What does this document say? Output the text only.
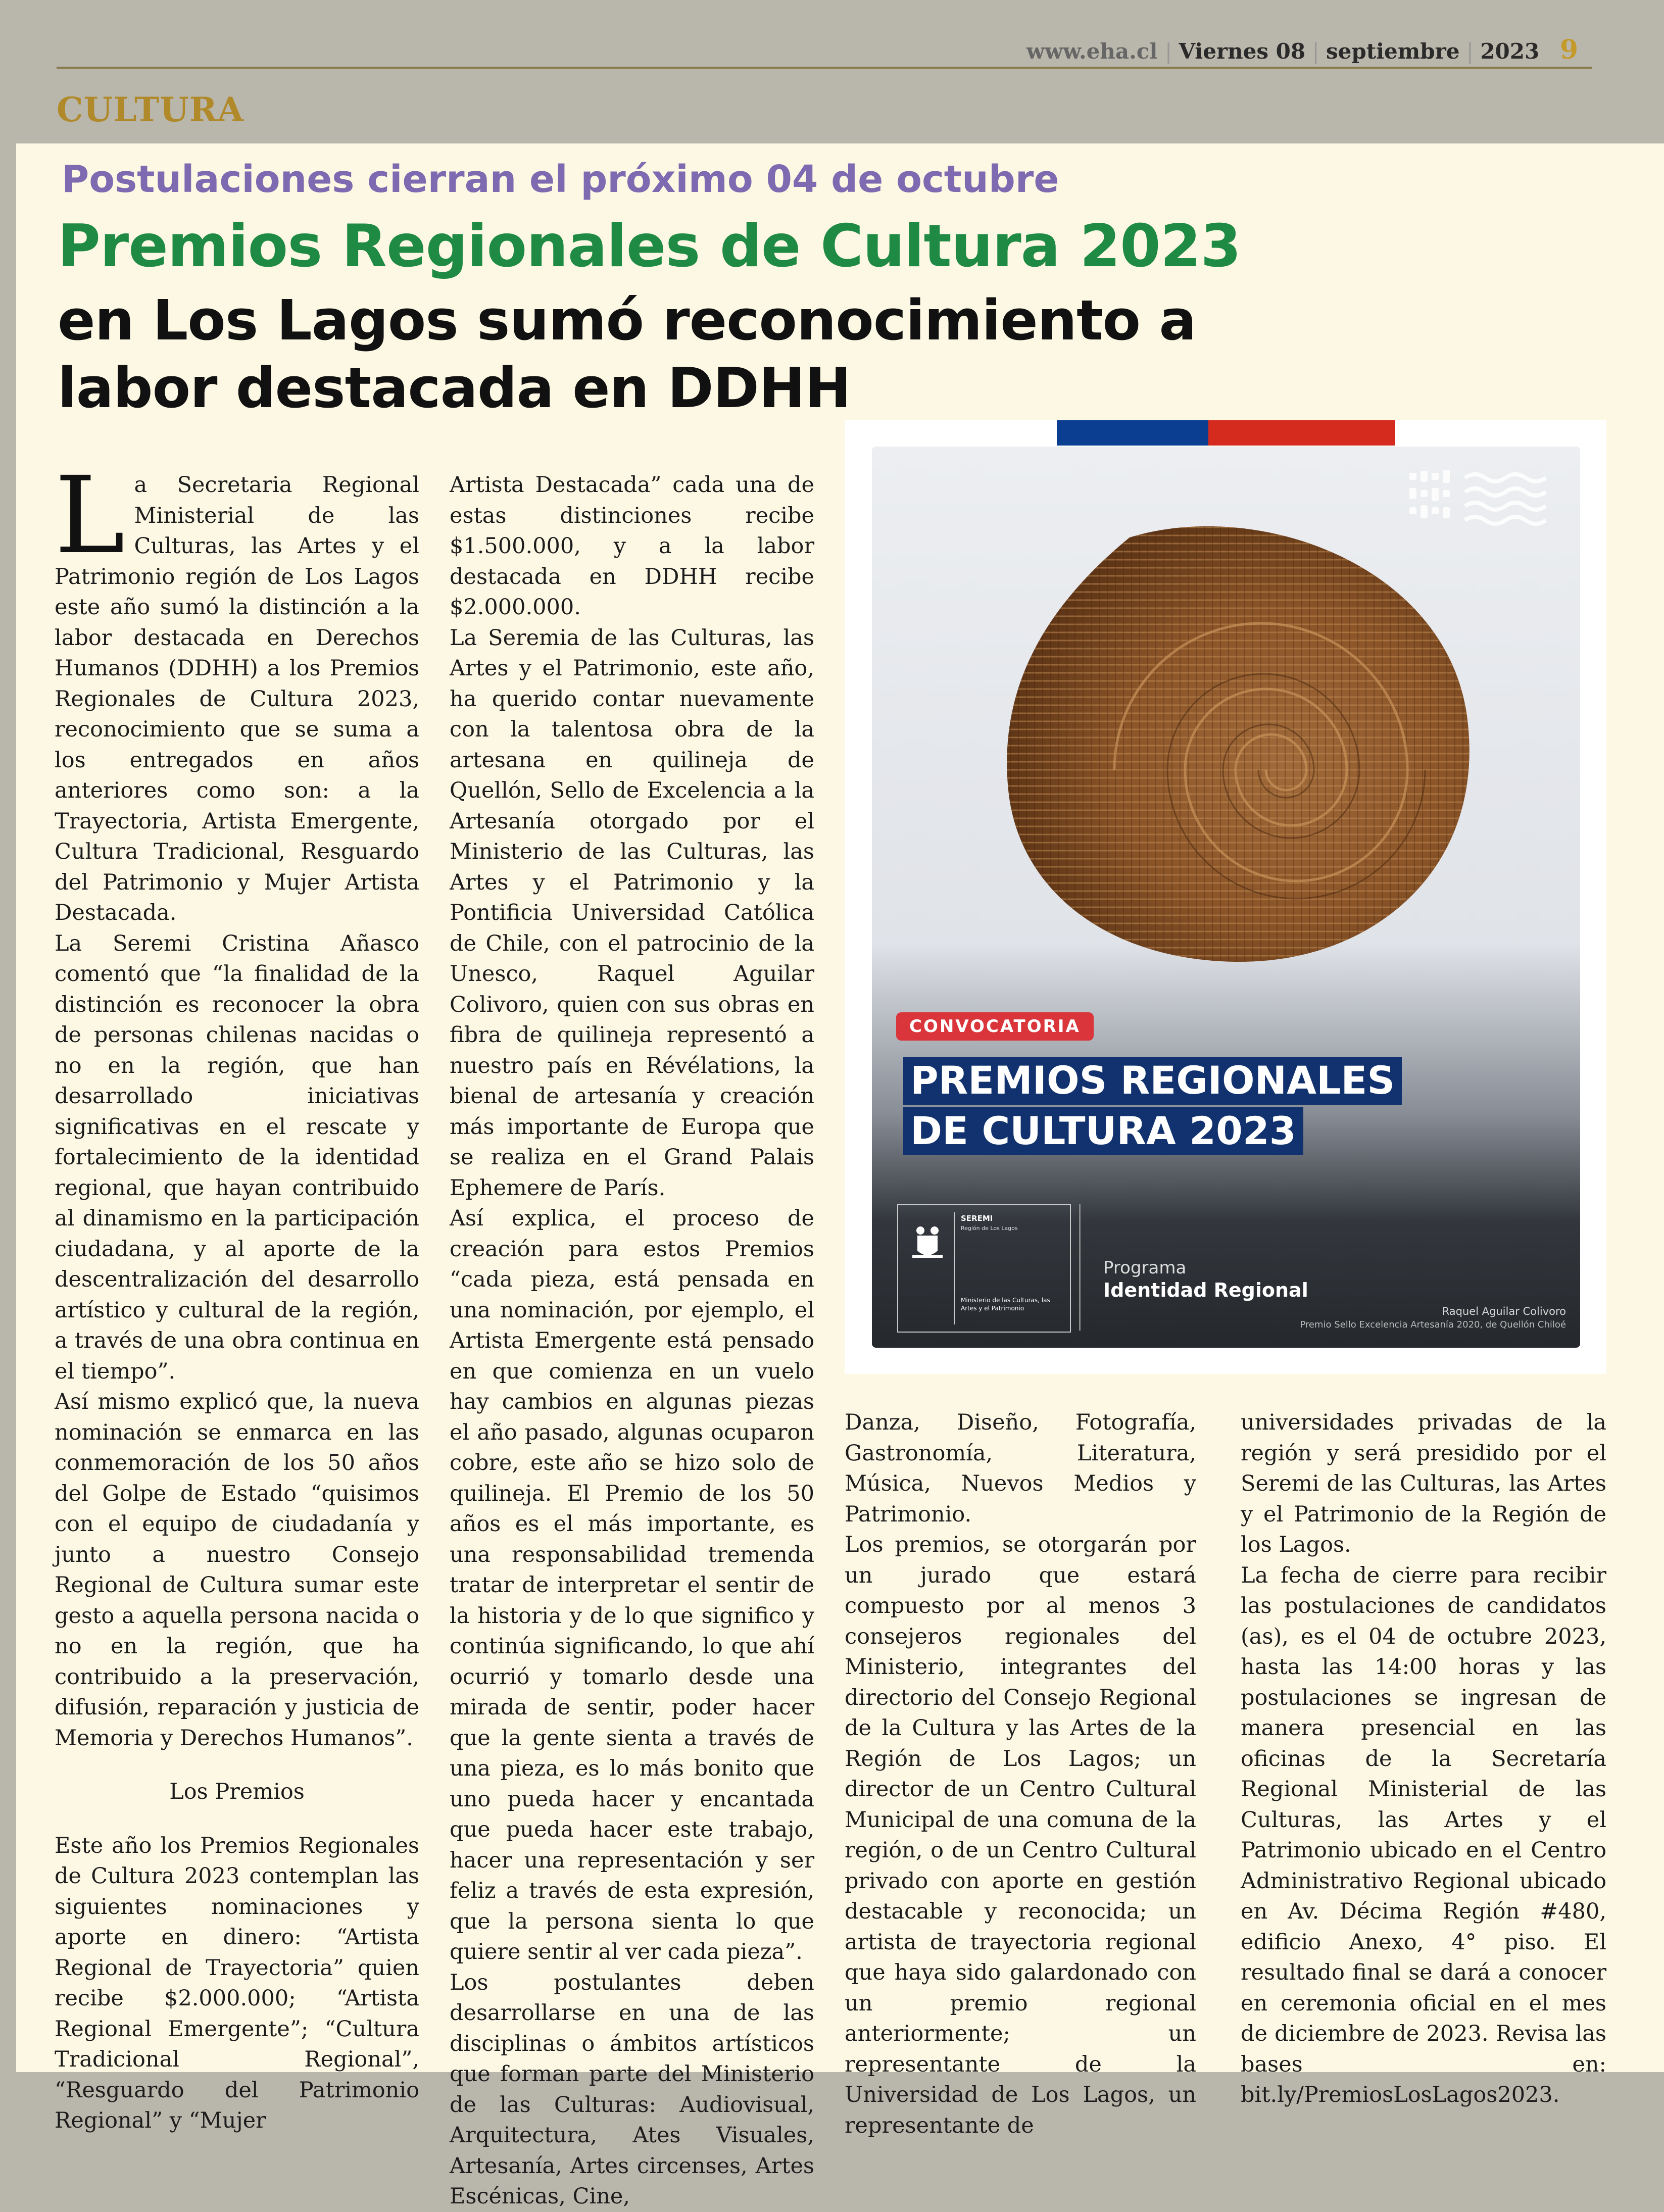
www.eha.cl | Viernes 08 | septiembre | 2023 9
CULTURA
Postulaciones cierran el próximo 04 de octubre
Premios Regionales de Cultura 2023
en Los Lagos sumó reconocimiento a
labor destacada en DDHH

La Secretaria Regional Ministerial de las Culturas, las Artes y el Patrimonio región de Los Lagos este año sumó la distinción a la labor destacada en Derechos Humanos (DDHH) a los Premios Regionales de Cultura 2023, reconocimiento que se suma a los entregados en años anteriores como son: a la Trayectoria, Artista Emergente, Cultura Tradicional, Resguardo del Patrimonio y Mujer Artista Destacada.

La Seremi Cristina Añasco comentó que “la finalidad de la distinción es reconocer la obra de personas chilenas nacidas o no en la región, que han desarrollado iniciativas significativas en el rescate y fortalecimiento de la identidad regional, que hayan contribuido al dinamismo en la participación ciudadana, y al aporte de la descentralización del desarrollo artístico y cultural de la región, a través de una obra continua en el tiempo”.

Así mismo explicó que, la nueva nominación se enmarca en las conmemoración de los 50 años del Golpe de Estado “quisimos con el equipo de ciudadanía y junto a nuestro Consejo Regional de Cultura sumar este gesto a aquella persona nacida o no en la región, que ha contribuido a la preservación, difusión, reparación y justicia de Memoria y Derechos Humanos”.

Los Premios

Este año los Premios Regionales de Cultura 2023 contemplan las siguientes nominaciones y aporte en dinero: “Artista Regional de Trayectoria” quien recibe $2.000.000; “Artista Regional Emergente”; “Cultura Tradicional Regional”, “Resguardo del Patrimonio Regional” y “Mujer

Artista Destacada” cada una de estas distinciones recibe $1.500.000, y a la labor destacada en DDHH recibe $2.000.000.

La Seremia de las Culturas, las Artes y el Patrimonio, este año, ha querido contar nuevamente con la talentosa obra de la artesana en quilineja de Quellón, Sello de Excelencia a la Artesanía otorgado por el Ministerio de las Culturas, las Artes y el Patrimonio y la Pontificia Universidad Católica de Chile, con el patrocinio de la Unesco, Raquel Aguilar Colivoro, quien con sus obras en fibra de quilineja representó a nuestro país en Révélations, la bienal de artesanía y creación más importante de Europa que se realiza en el Grand Palais Ephemere de París.

Así explica, el proceso de creación para estos Premios “cada pieza, está pensada en una nominación, por ejemplo, el Artista Emergente está pensado en que comienza en un vuelo hay cambios en algunas piezas el año pasado, algunas ocuparon cobre, este año se hizo solo de quilineja. El Premio de los 50 años es el más importante, es una responsabilidad tremenda tratar de interpretar el sentir de la historia y de lo que significo y continúa significando, lo que ahí ocurrió y tomarlo desde una mirada de sentir, poder hacer que la gente sienta a través de una pieza, es lo más bonito que uno pueda hacer y encantada que pueda hacer este trabajo, hacer una representación y ser feliz a través de esta expresión, que la persona sienta lo que quiere sentir al ver cada pieza”.

Los postulantes deben desarrollarse en una de las disciplinas o ámbitos artísticos que forman parte del Ministerio de las Culturas: Audiovisual, Arquitectura, Ates Visuales, Artesanía, Artes circenses, Artes Escénicas, Cine,

CONVOCATORIA
PREMIOS REGIONALES
DE CULTURA 2023
SEREMI
Región de Los Lagos
Ministerio de las Culturas, las Artes y el Patrimonio
Programa
Identidad Regional
Raquel Aguilar Colivoro
Premio Sello Excelencia Artesanía 2020, de Quellón Chiloé

Danza, Diseño, Fotografía, Gastronomía, Literatura, Música, Nuevos Medios y Patrimonio.

Los premios, se otorgarán por un jurado que estará compuesto por al menos 3 consejeros regionales del Ministerio, integrantes del directorio del Consejo Regional de la Cultura y las Artes de la Región de Los Lagos; un director de un Centro Cultural Municipal de una comuna de la región, o de un Centro Cultural privado con aporte en gestión destacable y reconocida; un artista de trayectoria regional que haya sido galardonado con un premio regional anteriormente; un representante de la Universidad de Los Lagos, un representante de

universidades privadas de la región y será presidido por el Seremi de las Culturas, las Artes y el Patrimonio de la Región de los Lagos.

La fecha de cierre para recibir las postulaciones de candidatos (as), es el 04 de octubre 2023, hasta las 14:00 horas y las postulaciones se ingresan de manera presencial en las oficinas de la Secretaría Regional Ministerial de las Culturas, las Artes y el Patrimonio ubicado en el Centro Administrativo Regional ubicado en Av. Décima Región #480, edificio Anexo, 4° piso. El resultado final se dará a conocer en ceremonia oficial en el mes de diciembre de 2023. Revisa las bases en: bit.ly/PremiosLosLagos2023.
